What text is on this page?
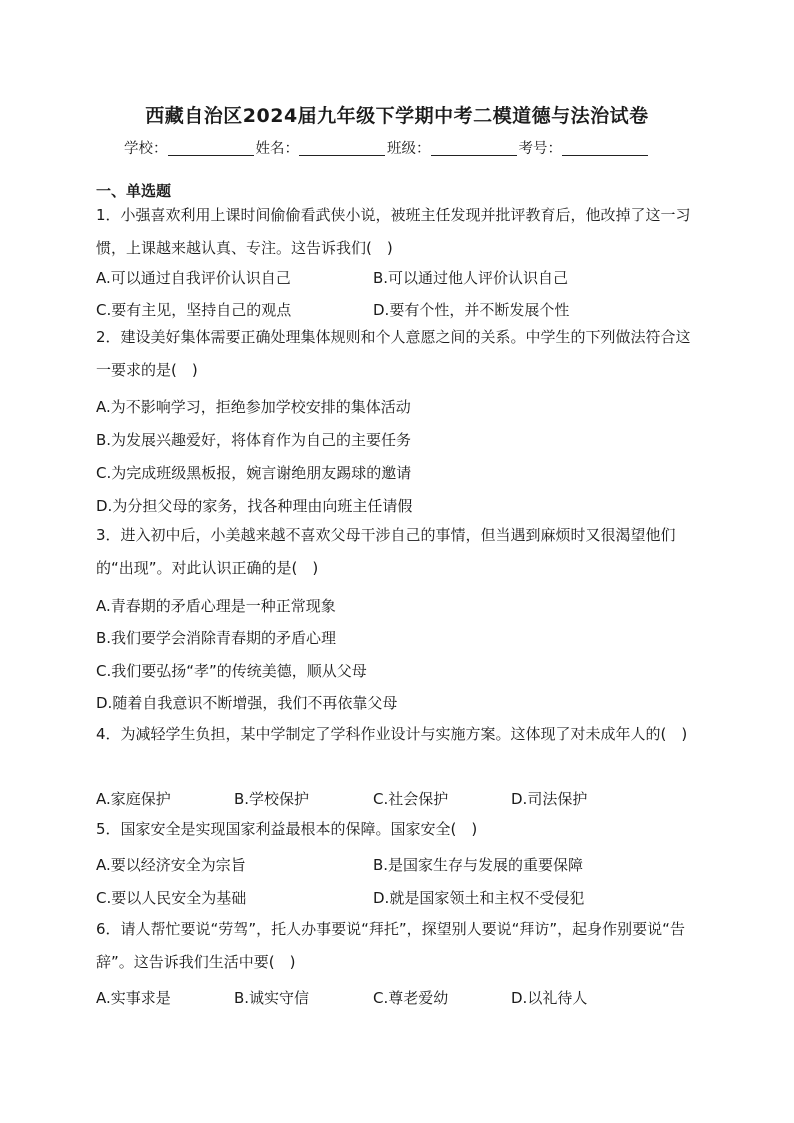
西藏自治区2024届九年级下学期中考二模道德与法治试卷
学校：	姓名：	班级：	考号：
一、单选题
1．小强喜欢利用上课时间偷偷看武侠小说，被班主任发现并批评教育后，他改掉了这一习惯，上课越来越认真、专注。这告诉我们(　)
A.可以通过自我评价认识自己	B.可以通过他人评价认识自己
C.要有主见，坚持自己的观点	D.要有个性，并不断发展个性
2．建设美好集体需要正确处理集体规则和个人意愿之间的关系。中学生的下列做法符合这一要求的是(　)
A.为不影响学习，拒绝参加学校安排的集体活动
B.为发展兴趣爱好，将体育作为自己的主要任务
C.为完成班级黑板报，婉言谢绝朋友踢球的邀请
D.为分担父母的家务，找各种理由向班主任请假
3．进入初中后，小美越来越不喜欢父母干涉自己的事情，但当遇到麻烦时又很渴望他们的“出现”。对此认识正确的是(　)
A.青春期的矛盾心理是一种正常现象
B.我们要学会消除青春期的矛盾心理
C.我们要弘扬“孝”的传统美德，顺从父母
D.随着自我意识不断增强，我们不再依靠父母
4．为减轻学生负担，某中学制定了学科作业设计与实施方案。这体现了对未成年人的(　)
A.家庭保护	B.学校保护	C.社会保护	D.司法保护
5．国家安全是实现国家利益最根本的保障。国家安全(　)
A.要以经济安全为宗旨	B.是国家生存与发展的重要保障
C.要以人民安全为基础	D.就是国家领土和主权不受侵犯
6．请人帮忙要说“劳驾”，托人办事要说“拜托”，探望别人要说“拜访”，起身作别要说“告辞”。这告诉我们生活中要(　)
A.实事求是	B.诚实守信	C.尊老爱幼	D.以礼待人
